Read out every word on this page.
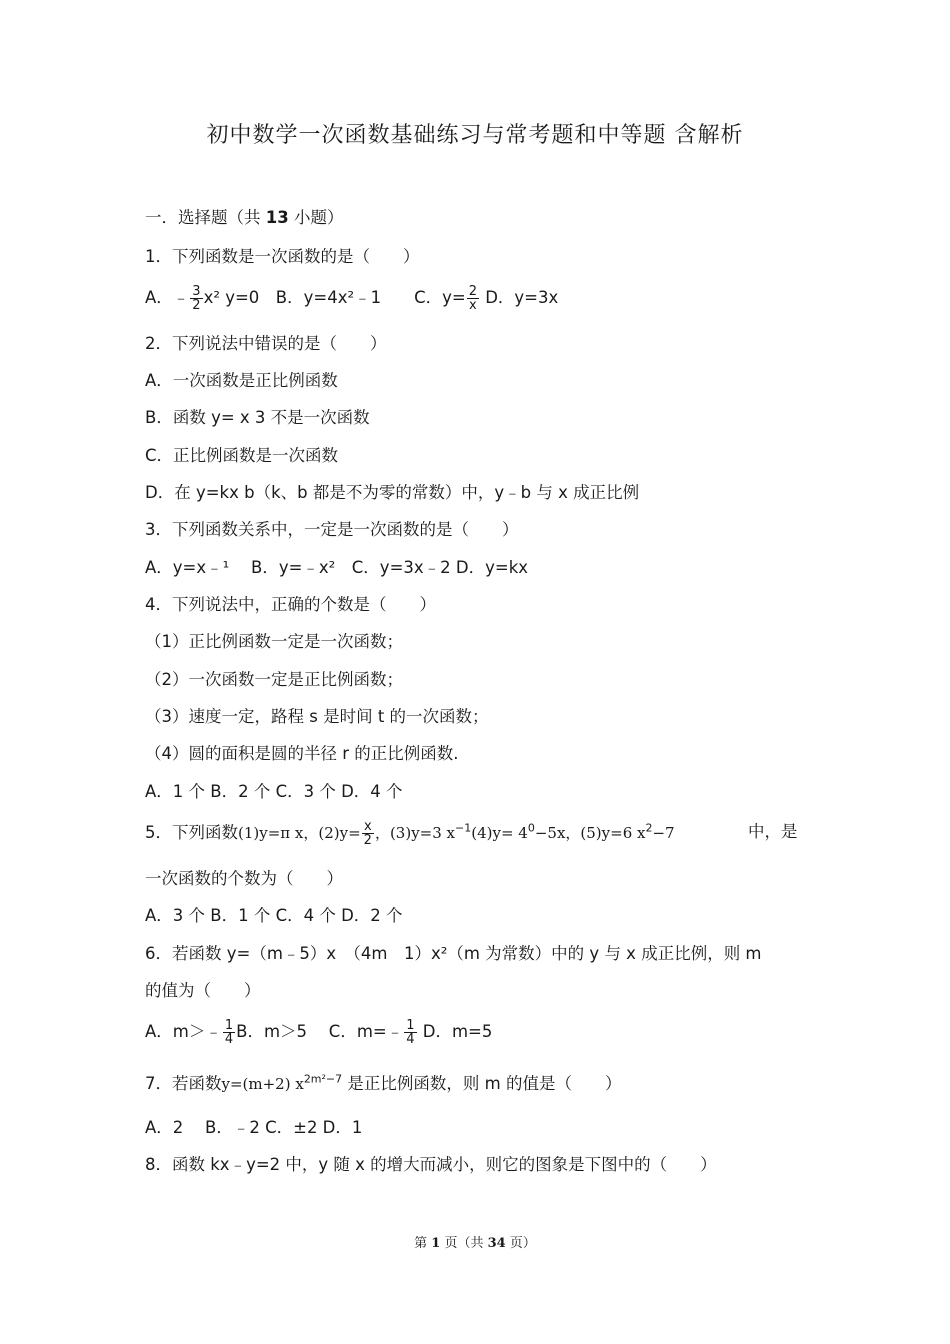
初中数学一次函数基础练习与常考题和中等题 含解析
一．选择题（共 13 小题）
1．下列函数是一次函数的是（　　）
A．﹣ $\frac{3}{2} x^2$ y=0　B．y=4x²﹣1　　C．$y= \frac{2}{x}$ D．y=3x
2．下列说法中错误的是（　　）
A．一次函数是正比例函数
B．函数 y= x 3 不是一次函数
C．正比例函数是一次函数
D．在 y=kx b（k、b 都是不为零的常数）中，y﹣b 与 x 成正比例
3．下列函数关系中，一定是一次函数的是（　　）
A．y=x﹣¹　 B．y=﹣x²　C．y=3x﹣2 D．y=kx
4．下列说法中，正确的个数是（　　）
（1）正比例函数一定是一次函数；
（2）一次函数一定是正比例函数；
（3）速度一定，路程 s 是时间 t 的一次函数；
（4）圆的面积是圆的半径 r 的正比例函数.
A．1 个 B．2 个 C．3 个 D．4 个
5．下列函数(1)y=π x，$(2)y= \frac{x}{2}$ ，(3)y=3 $x^{-1}(4)y= 4^0-5x$，(5)y=6 $x^2-7$	中，是
一次函数的个数为（　　）
A．3 个 B．1 个 C．4 个 D．2 个
6．若函数 y=（m﹣5）x　（4m　1）x²（m 为常数）中的 y 与 x 成正比例，则 m
的值为（　　）
A．m＞﹣ $\frac{1}{4}$ B．m＞5　 C．m=﹣ $\frac{1}{4}$ D．m=5
7．若函数y=(m+2) $x^{2m^2-7}$ 是正比例函数，则 m 的值是（　　）
A．2　 B．﹣2 C．±2 D．1
8．函数 kx﹣y=2 中，y 随 x 的增大而减小，则它的图象是下图中的（　　）
第 1 页（共 34 页）
